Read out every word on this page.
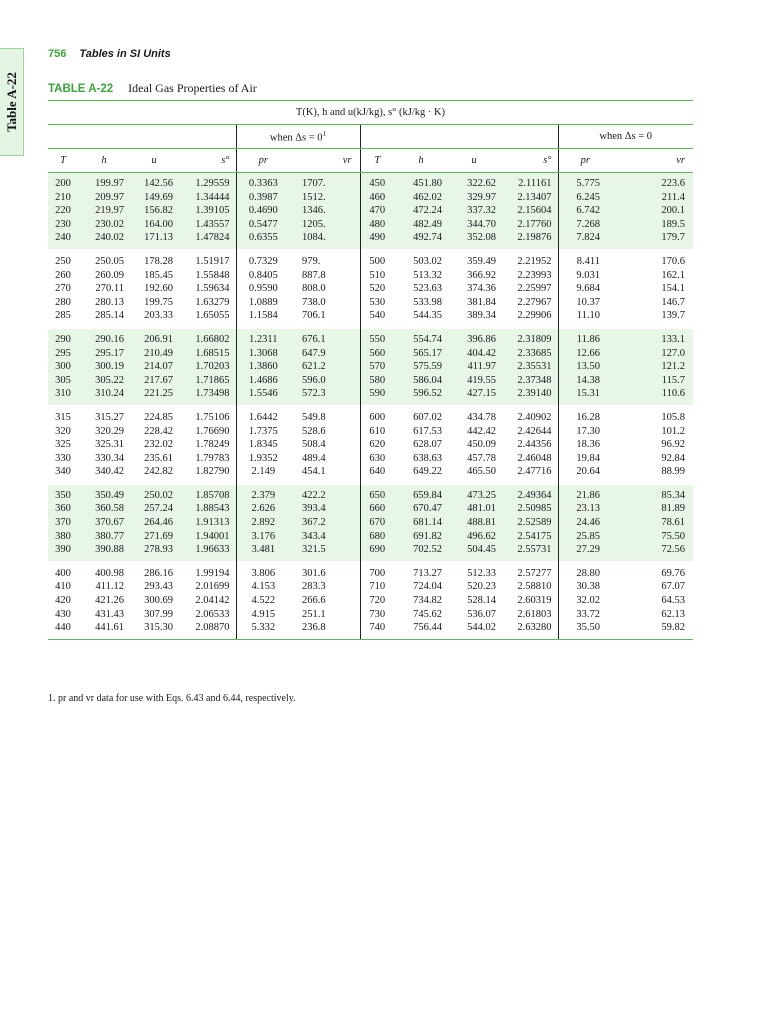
Table A-22
756 Tables in SI Units
TABLE A-22 Ideal Gas Properties of Air
T(K), h and u(kJ/kg), s° (kJ/kg · K)											
				when $\Delta s = 0^1$						when Δs = 0	
T	h	u	s°	pr	vr	T	h	u	s°	pr	vr
200	199.97	142.56	1.29559	0.3363	1707.	450	451.80	322.62	2.11161	5.775	223.6
210	209.97	149.69	1.34444	0.3987	1512.	460	462.02	329.97	2.13407	6.245	211.4
220	219.97	156.82	1.39105	0.4690	1346.	470	472.24	337.32	2.15604	6.742	200.1
230	230.02	164.00	1.43557	0.5477	1205.	480	482.49	344.70	2.17760	7.268	189.5
240	240.02	171.13	1.47824	0.6355	1084.	490	492.74	352.08	2.19876	7.824	179.7

250	250.05	178.28	1.51917	0.7329	979.	500	503.02	359.49	2.21952	8.411	170.6
260	260.09	185.45	1.55848	0.8405	887.8	510	513.32	366.92	2.23993	9.031	162.1
270	270.11	192.60	1.59634	0.9590	808.0	520	523.63	374.36	2.25997	9.684	154.1
280	280.13	199.75	1.63279	1.0889	738.0	530	533.98	381.84	2.27967	10.37	146.7
285	285.14	203.33	1.65055	1.1584	706.1	540	544.35	389.34	2.29906	11.10	139.7

290	290.16	206.91	1.66802	1.2311	676.1	550	554.74	396.86	2.31809	11.86	133.1
295	295.17	210.49	1.68515	1.3068	647.9	560	565.17	404.42	2.33685	12.66	127.0
300	300.19	214.07	1.70203	1.3860	621.2	570	575.59	411.97	2.35531	13.50	121.2
305	305.22	217.67	1.71865	1.4686	596.0	580	586.04	419.55	2.37348	14.38	115.7
310	310.24	221.25	1.73498	1.5546	572.3	590	596.52	427.15	2.39140	15.31	110.6

315	315.27	224.85	1.75106	1.6442	549.8	600	607.02	434.78	2.40902	16.28	105.8
320	320.29	228.42	1.76690	1.7375	528.6	610	617.53	442.42	2.42644	17.30	101.2
325	325.31	232.02	1.78249	1.8345	508.4	620	628.07	450.09	2.44356	18.36	96.92
330	330.34	235.61	1.79783	1.9352	489.4	630	638.63	457.78	2.46048	19.84	92.84
340	340.42	242.82	1.82790	2.149	454.1	640	649.22	465.50	2.47716	20.64	88.99

350	350.49	250.02	1.85708	2.379	422.2	650	659.84	473.25	2.49364	21.86	85.34
360	360.58	257.24	1.88543	2.626	393.4	660	670.47	481.01	2.50985	23.13	81.89
370	370.67	264.46	1.91313	2.892	367.2	670	681.14	488.81	2.52589	24.46	78.61
380	380.77	271.69	1.94001	3.176	343.4	680	691.82	496.62	2.54175	25.85	75.50
390	390.88	278.93	1.96633	3.481	321.5	690	702.52	504.45	2.55731	27.29	72.56

400	400.98	286.16	1.99194	3.806	301.6	700	713.27	512.33	2.57277	28.80	69.76
410	411.12	293.43	2.01699	4.153	283.3	710	724.04	520.23	2.58810	30.38	67.07
420	421.26	300.69	2.04142	4.522	266.6	720	734.82	528.14	2.60319	32.02	64.53
430	431.43	307.99	2.06533	4.915	251.1	730	745.62	536.07	2.61803	33.72	62.13
440	441.61	315.30	2.08870	5.332	236.8	740	756.44	544.02	2.63280	35.50	59.82
1. pr and vr data for use with Eqs. 6.43 and 6.44, respectively.
